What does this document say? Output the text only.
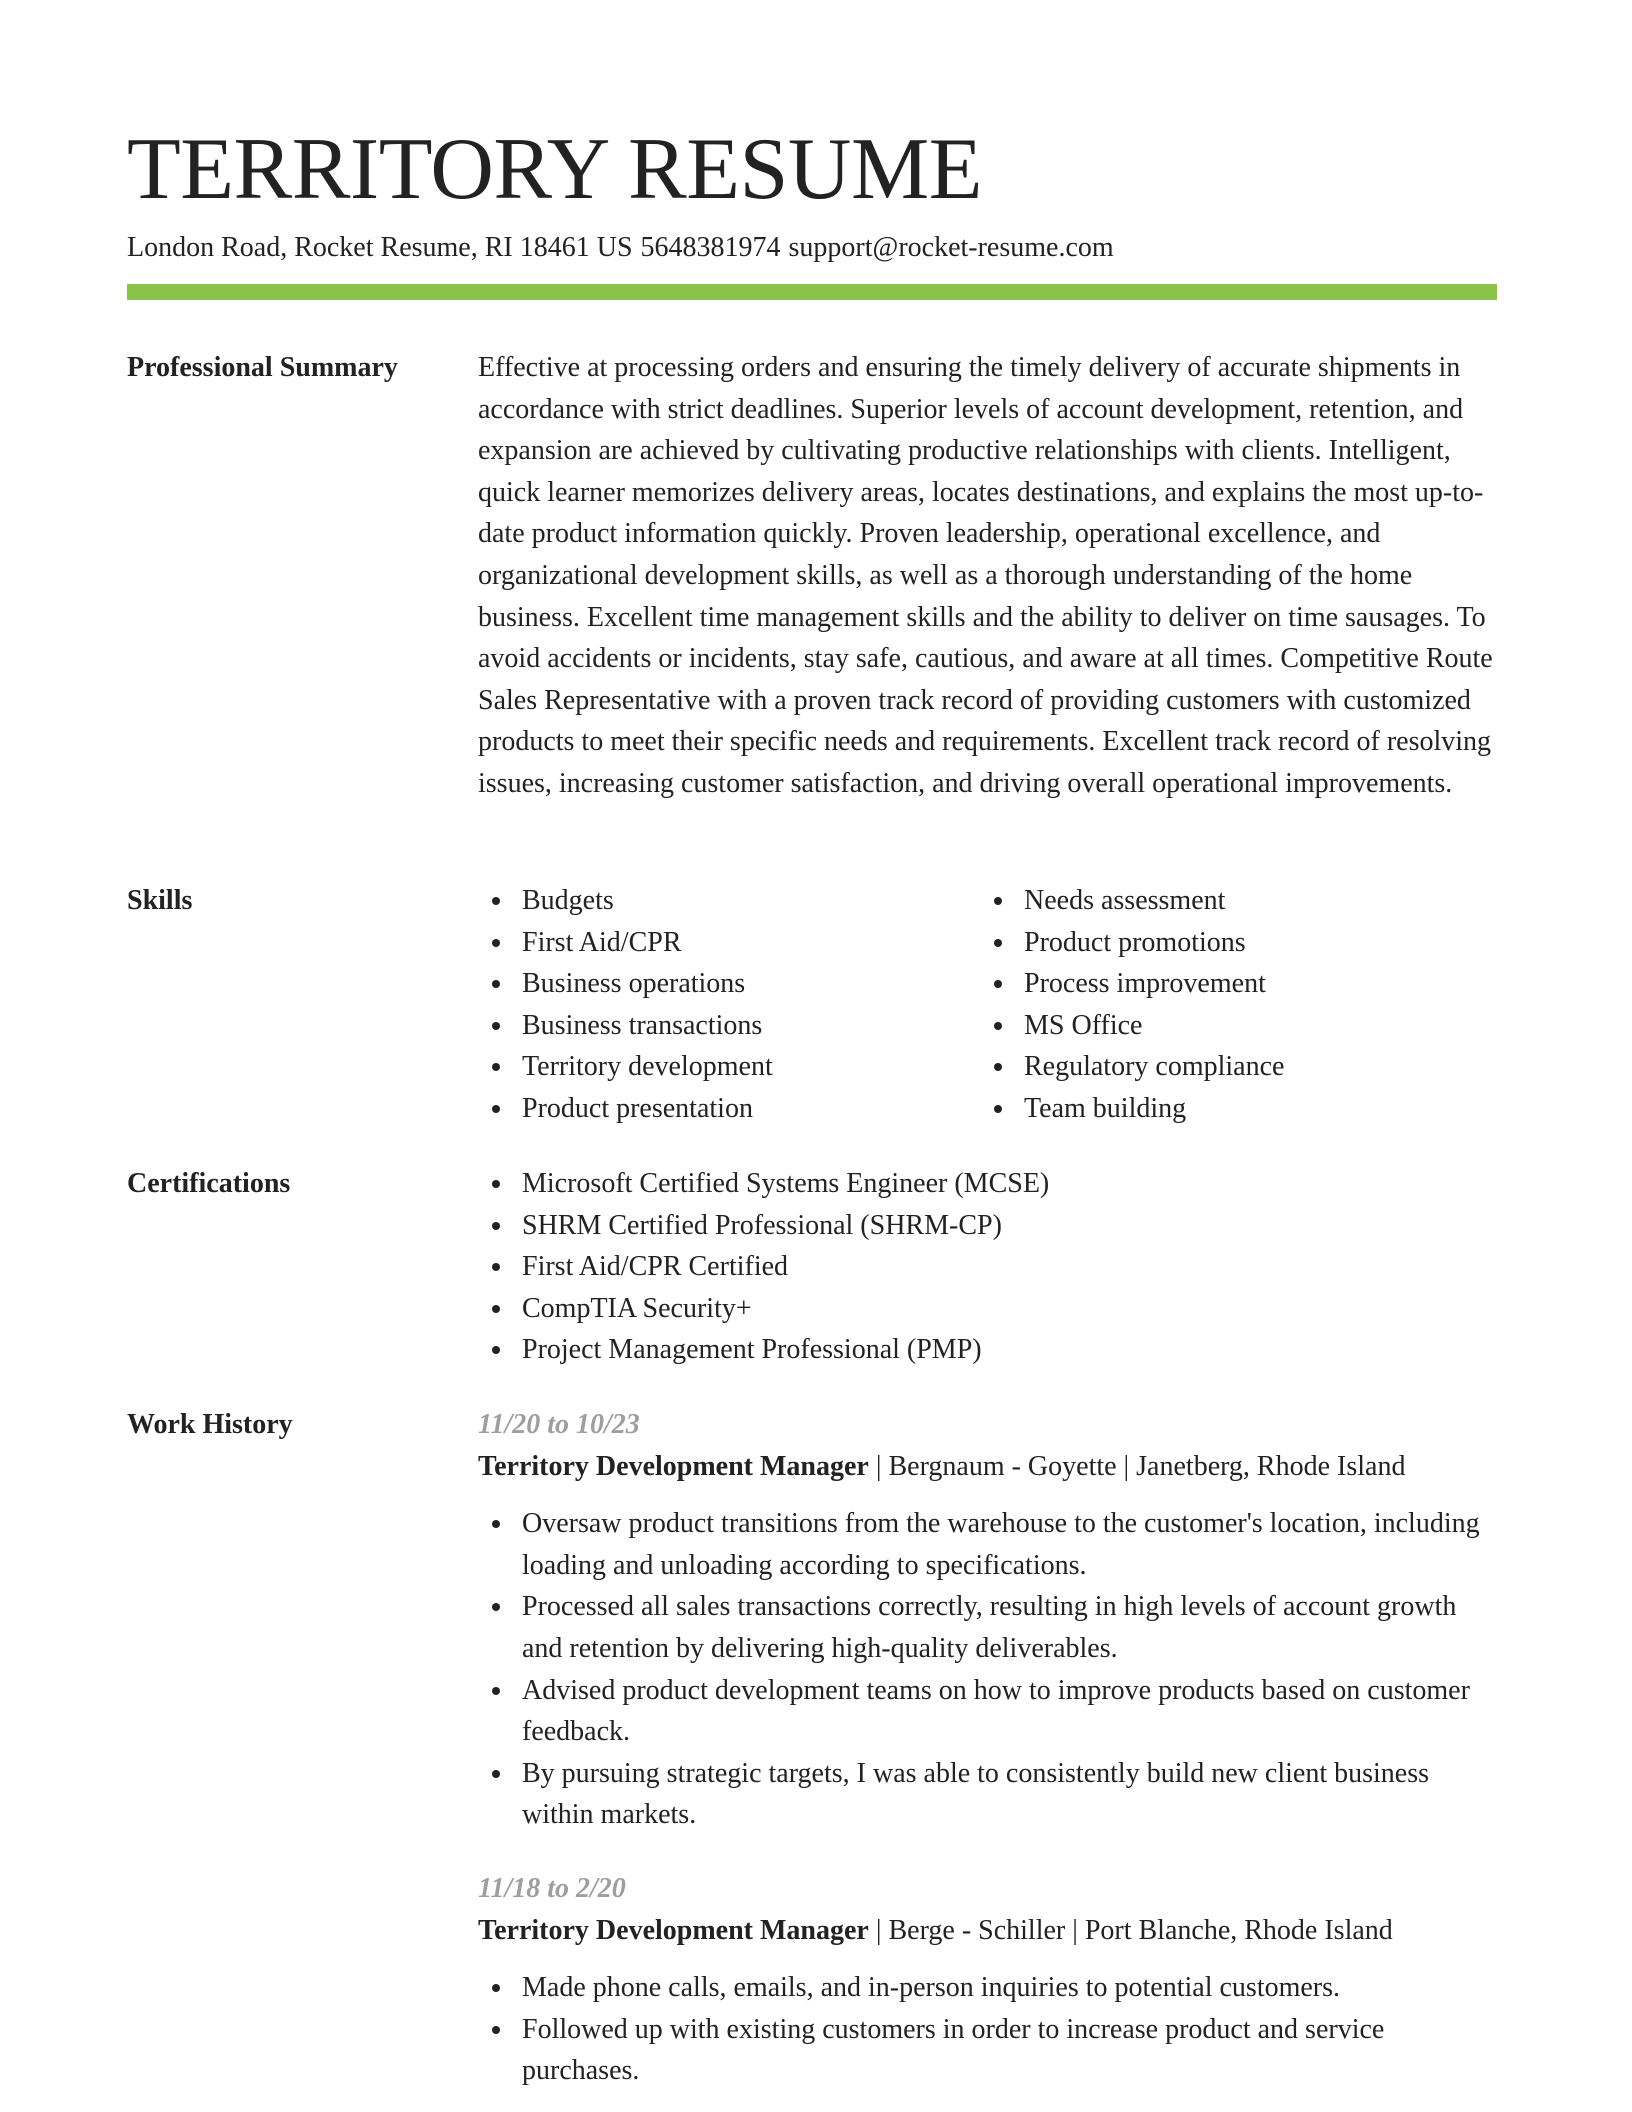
TERRITORY RESUME
London Road, Rocket Resume, RI 18461 US 5648381974 support@rocket-resume.com
Professional Summary	Effective at processing orders and ensuring the timely delivery of accurate shipments in accordance with strict deadlines. Superior levels of account development, retention, and expansion are achieved by cultivating productive relationships with clients. Intelligent, quick learner memorizes delivery areas, locates destinations, and explains the most up-to-date product information quickly. Proven leadership, operational excellence, and organizational development skills, as well as a thorough understanding of the home business. Excellent time management skills and the ability to deliver on time sausages. To avoid accidents or incidents, stay safe, cautious, and aware at all times. Competitive Route Sales Representative with a proven track record of providing customers with customized products to meet their specific needs and requirements. Excellent track record of resolving issues, increasing customer satisfaction, and driving overall operational improvements.

Skills	Budgets
First Aid/CPR
Business operations
Business transactions
Territory development
Product presentation
Needs assessment
Product promotions
Process improvement
MS Office
Regulatory compliance
Team building
Certifications	Microsoft Certified Systems Engineer (MCSE)
SHRM Certified Professional (SHRM-CP)
First Aid/CPR Certified
CompTIA Security+
Project Management Professional (PMP)
Work History	11/20 to 10/23
Territory Development Manager | Bergnaum - Goyette | Janetberg, Rhode Island
Oversaw product transitions from the warehouse to the customer's location, including loading and unloading according to specifications.
Processed all sales transactions correctly, resulting in high levels of account growth and retention by delivering high-quality deliverables.
Advised product development teams on how to improve products based on customer feedback.
By pursuing strategic targets, I was able to consistently build new client business within markets.
11/18 to 2/20
Territory Development Manager | Berge - Schiller | Port Blanche, Rhode Island
Made phone calls, emails, and in-person inquiries to potential customers.
Followed up with existing customers in order to increase product and service purchases.
